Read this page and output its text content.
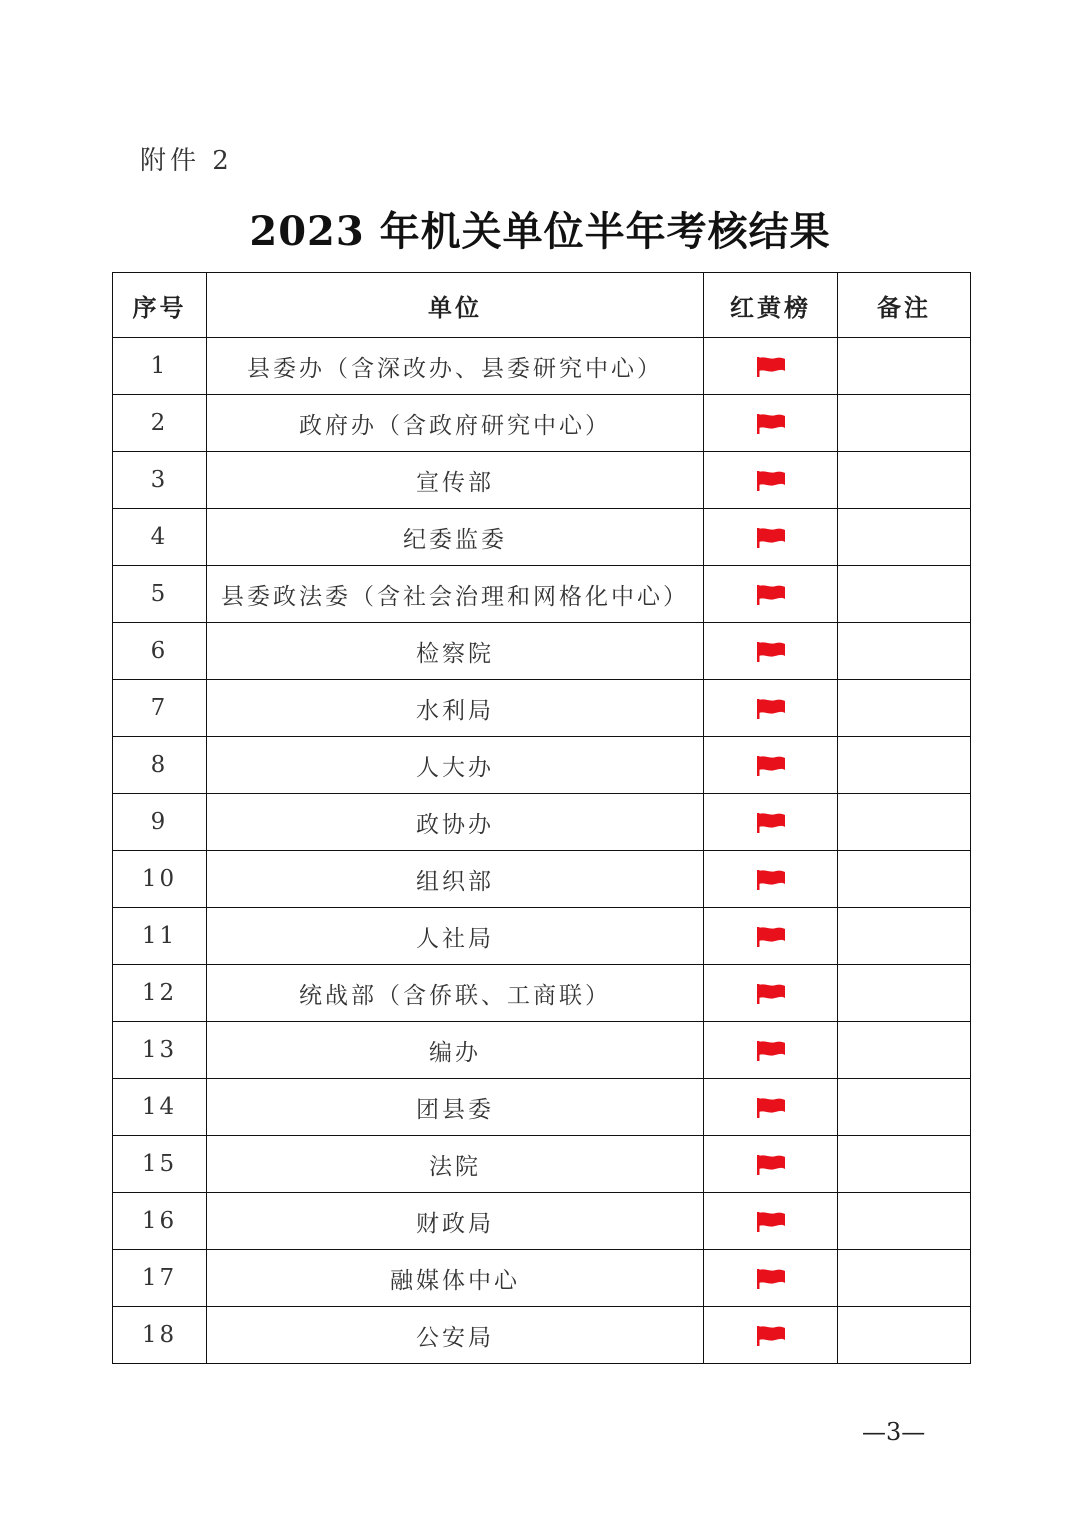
附件 2
2023 年机关单位半年考核结果
序号	单位	红黄榜	备注
1	县委办（含深改办、县委研究中心）		
2	政府办（含政府研究中心）		
3	宣传部		
4	纪委监委		
5	县委政法委（含社会治理和网格化中心）		
6	检察院		
7	水利局		
8	人大办		
9	政协办		
10	组织部		
11	人社局		
12	统战部（含侨联、工商联）		
13	编办		
14	团县委		
15	法院		
16	财政局		
17	融媒体中心		
18	公安局		
—3—
